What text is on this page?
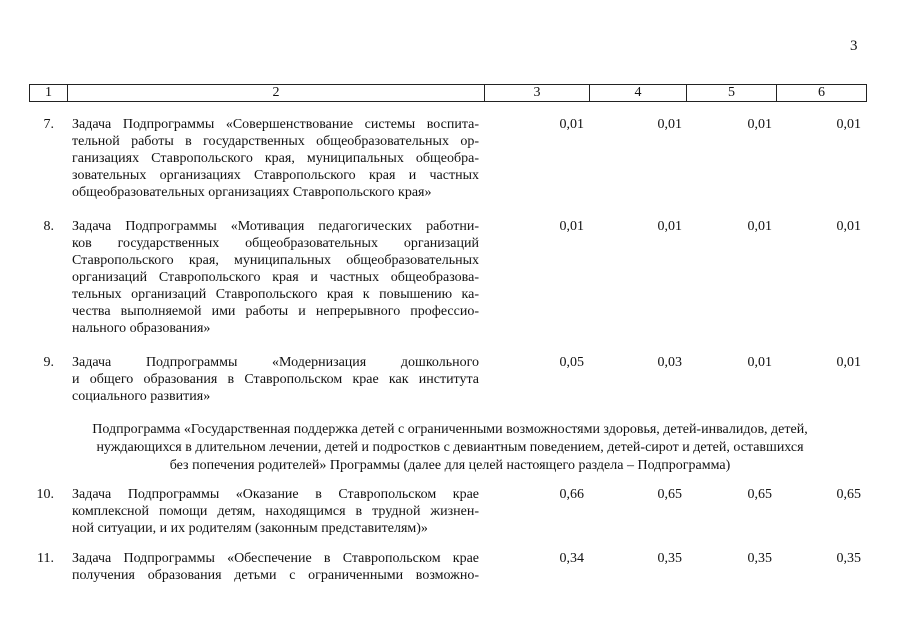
3
1	2	3	4	5	6
7. Задача Подпрограммы «Совершенствование системы воспита-
тельной работы в государственных общеобразовательных ор-
ганизациях Ставропольского края, муниципальных общеобра-
зовательных организациях Ставропольского края и частных
общеобразовательных организациях Ставропольского края»
0,01	0,01	0,01	0,01
8. Задача Подпрограммы «Мотивация педагогических работни-
ков государственных общеобразовательных организаций
Ставропольского края, муниципальных общеобразовательных
организаций Ставропольского края и частных общеобразова-
тельных организаций Ставропольского края к повышению ка-
чества выполняемой ими работы и непрерывного профессио-
нального образования»
0,01	0,01	0,01	0,01
9. Задача Подпрограммы «Модернизация дошкольного
и общего образования в Ставропольском крае как института
социального развития»
0,05	0,03	0,01	0,01
Подпрограмма «Государственная поддержка детей с ограниченными возможностями здоровья, детей-инвалидов, детей,
нуждающихся в длительном лечении, детей и подростков с девиантным поведением, детей-сирот и детей, оставшихся
без попечения родителей» Программы (далее для целей настоящего раздела – Подпрограмма)
10. Задача Подпрограммы «Оказание в Ставропольском крае
комплексной помощи детям, находящимся в трудной жизнен-
ной ситуации, и их родителям (законным представителям)»
0,66	0,65	0,65	0,65
11. Задача Подпрограммы «Обеспечение в Ставропольском крае
получения образования детьми с ограниченными возможно-
0,34	0,35	0,35	0,35
